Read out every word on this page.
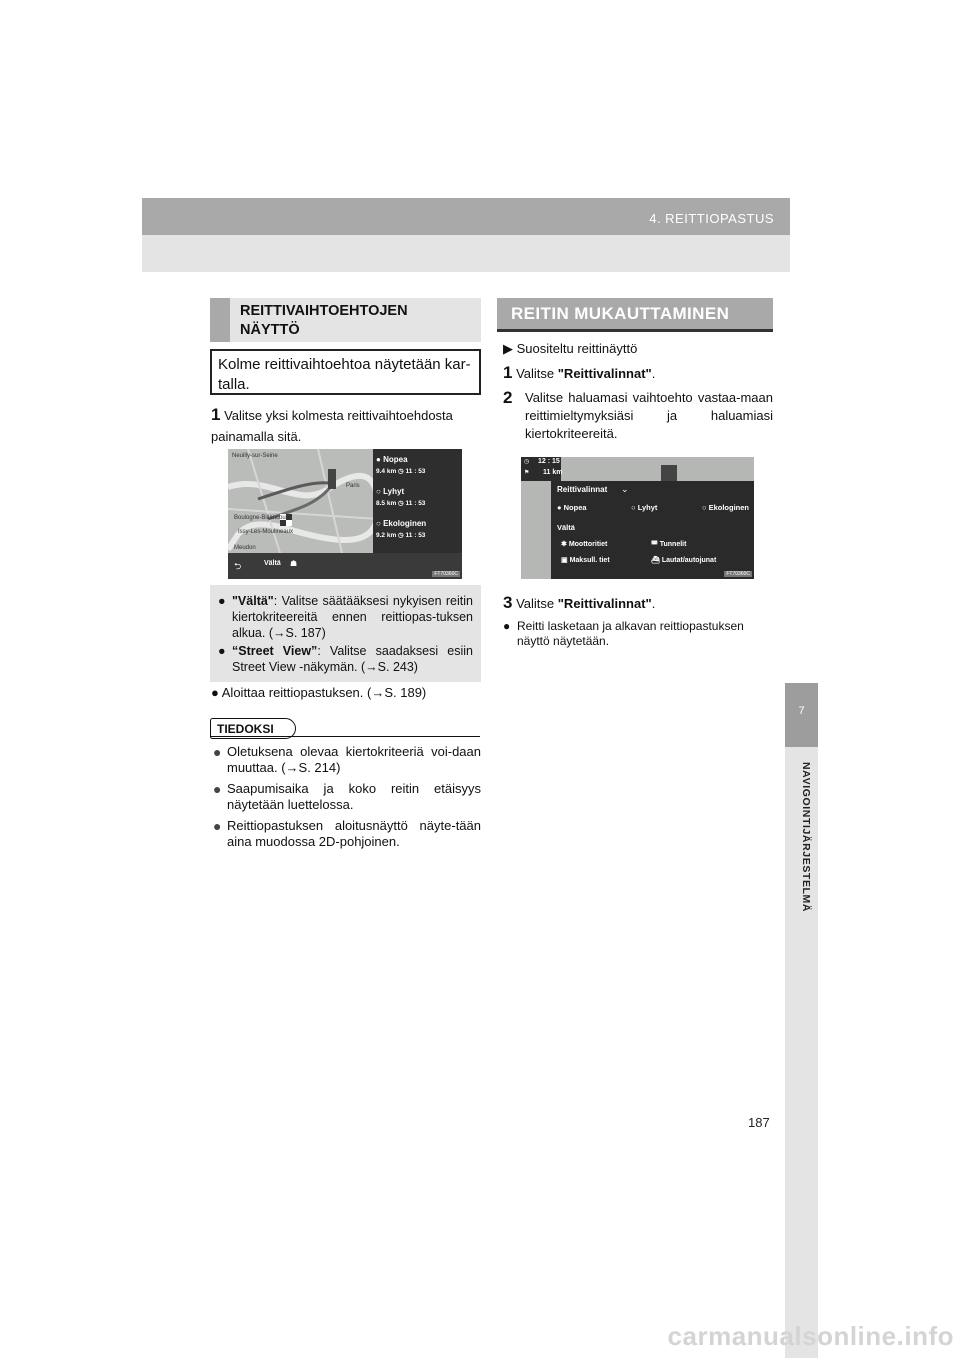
4. REITTIOPASTUS
7
NAVIGOINTIJÄRJESTELMÄ
REITTIVAIHTOEHTOJEN NÄYTTÖ
Kolme reittivaihtoehtoa näytetään kar-talla.
1 Valitse yksi kolmesta reittivaihtoehdosta painamalla sitä.
Neuilly-sur-Seine
Paris
Boulogne-Billancourt
Issy-Les-Moulineaux
Meudon
● Nopea
9.4 km ◷ 11 : 53
○ Lyhyt
8.5 km ◷ 11 : 53
○ Ekologinen
9.2 km ◷ 11 : 53
⮌	Vältä ☗
FT70360C
● "Vältä": Valitse säätääksesi nykyisen reitin kiertokriteereitä ennen reittiopas-tuksen alkua. (→S. 187)
● “Street View”: Valitse saadaksesi esiin Street View -näkymän. (→S. 243)
● Aloittaa reittiopastuksen. (→S. 189)
TIEDOKSI
● Oletuksena olevaa kiertokriteeriä voi-daan muuttaa. (→S. 214)
● Saapumisaika ja koko reitin etäisyys näytetään luettelossa.
● Reittiopastuksen aloitusnäyttö näyte-tään aina muodossa 2D-pohjoinen.
REITIN MUKAUTTAMINEN
▶ Suositeltu reittinäyttö
1 Valitse "Reittivalinnat".
2 Valitse haluamasi vaihtoehto vastaa-maan reittimieltymyksiäsi ja haluamiasi kiertokriteereitä.
◷ 12 : 15
⚑ 11 km
Reittivalinnat ⌄
● Nopea	○ Lyhyt	○ Ekologinen
Vältä
✱ Moottoritiet	◚ Tunnelit
▣ Maksull. tiet	⛴ Lautat/autojunat
FT70360C
3 Valitse "Reittivalinnat".
● Reitti lasketaan ja alkavan reittiopastuksen näyttö näytetään.
187
carmanualsonline.info
